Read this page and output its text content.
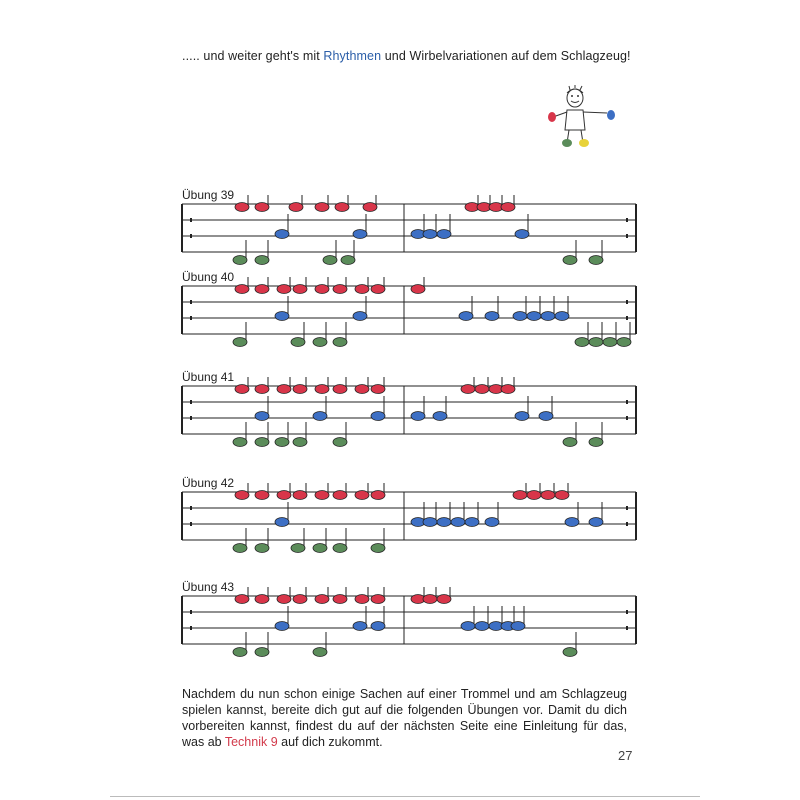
..... und weiter geht's mit Rhythmen und Wirbelvariationen auf dem Schlagzeug!
Übung 39
Übung 40
Übung 41
Übung 42
Übung 43
Nachdem du nun schon einige Sachen auf einer Trommel und am Schlagzeug spielen kannst, bereite dich gut auf die folgenden Übungen vor. Damit du dich vorbereiten kannst, findest du auf der nächsten Seite eine Einleitung für das, was ab Technik 9 auf dich zukommt.
27
